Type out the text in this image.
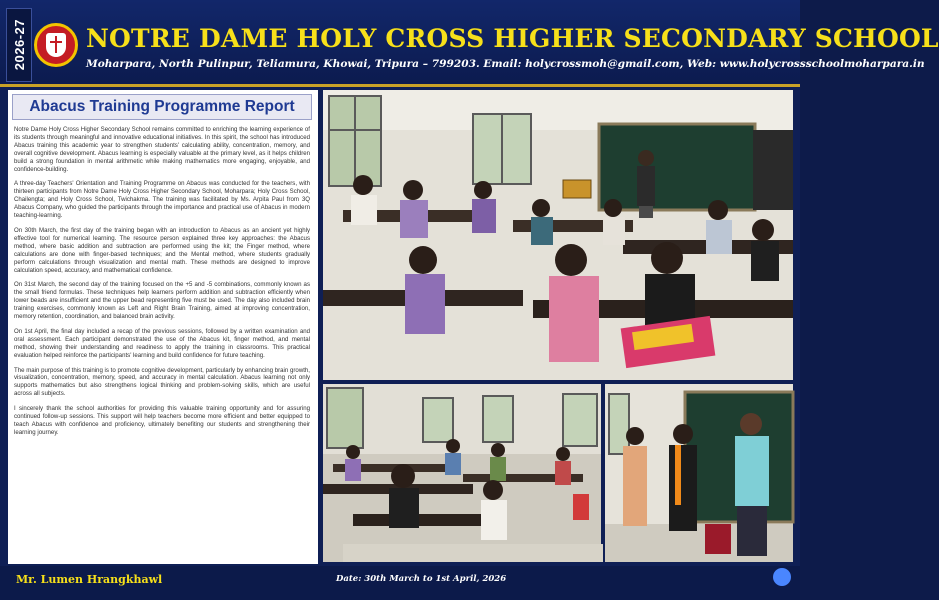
2026-27 NOTRE DAME HOLY CROSS HIGHER SECONDARY SCHOOL
Moharpara, North Pulinpur, Teliamura, Khowai, Tripura – 799203. Email: holycrossmoh@gmail.com, Web: www.holycrossschoolmoharpara.in
Abacus Training Programme Report

Notre Dame Holy Cross Higher Secondary School remains committed to enriching the learning experience of its students through meaningful and innovative educational initiatives. In this spirit, the school has introduced Abacus training this academic year to strengthen students' calculating ability, concentration, memory, and overall cognitive development. Abacus learning is especially valuable at the primary level, as it helps children build a strong foundation in mental arithmetic while making mathematics more engaging, enjoyable, and confidence-building.

A three-day Teachers' Orientation and Training Programme on Abacus was conducted for the teachers, with thirteen participants from Notre Dame Holy Cross Higher Secondary School, Moharpara; Holy Cross School, Chailengta; and Holy Cross School, Twichakma. The training was facilitated by Ms. Arpita Paul from 3Q Abacus Company, who guided the participants through the importance and practical use of Abacus in modern teaching-learning.

On 30th March, the first day of the training began with an introduction to Abacus as an ancient yet highly effective tool for numerical learning. The resource person explained three key approaches: the Abacus method, where basic addition and subtraction are performed using the kit; the Finger method, where calculations are done with finger-based techniques; and the Mental method, where students gradually perform calculations through visualization and mental math. These methods are designed to improve calculation speed, accuracy, and mathematical confidence.

On 31st March, the second day of the training focused on the +5 and -5 combinations, commonly known as the small friend formulas. These techniques help learners perform addition and subtraction efficiently when lower beads are insufficient and the upper bead representing five must be used. The day also included brain training exercises, commonly known as Left and Right Brain Training, aimed at improving concentration, memory retention, coordination, and balanced brain activity.

On 1st April, the final day included a recap of the previous sessions, followed by a written examination and oral assessment. Each participant demonstrated the use of the Abacus kit, finger method, and mental method, showing their understanding and readiness to apply the training in classrooms. This practical evaluation helped reinforce the participants' learning and build confidence for future teaching.

The main purpose of this training is to promote cognitive development, particularly by enhancing brain growth, visualization, concentration, memory, speed, and accuracy in mental calculation. Abacus learning not only supports mathematics but also strengthens logical thinking and problem-solving skills, which are useful across all subjects.

I sincerely thank the school authorities for providing this valuable training opportunity and for assuring continued follow-up sessions. This support will help teachers become more efficient and better equipped to teach Abacus with confidence and proficiency, ultimately benefiting our students and strengthening their learning journey.

Mr. Lumen Hrangkhawl	Date: 30th March to 1st April, 2026
